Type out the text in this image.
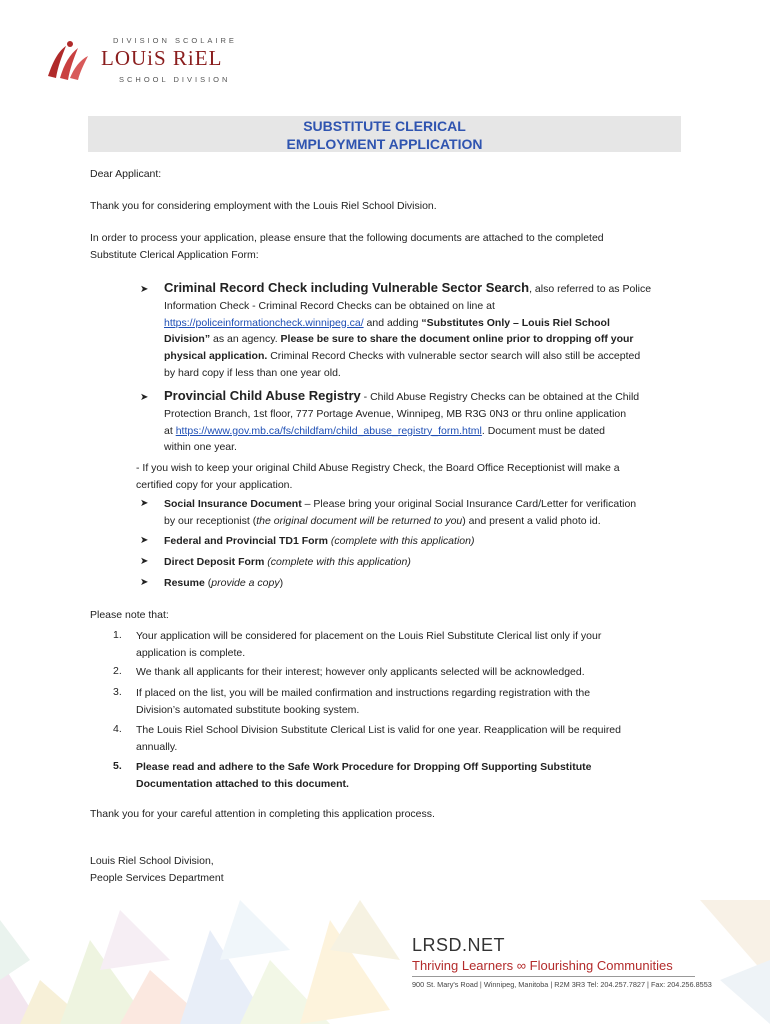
DIVISION SCOLAIRE
LOUiS RiEL
SCHOOL DIVISION
SUBSTITUTE CLERICAL
EMPLOYMENT APPLICATION
Dear Applicant:
Thank you for considering employment with the Louis Riel School Division.
In order to process your application, please ensure that the following documents are attached to the completed
Substitute Clerical Application Form:
➤ Criminal Record Check including Vulnerable Sector Search, also referred to as Police
Information Check - Criminal Record Checks can be obtained on line at
https://policeinformationcheck.winnipeg.ca/ and adding “Substitutes Only – Louis Riel School
Division” as an agency. Please be sure to share the document online prior to dropping off your
physical application. Criminal Record Checks with vulnerable sector search will also still be accepted
by hard copy if less than one year old.
➤ Provincial Child Abuse Registry - Child Abuse Registry Checks can be obtained at the Child
Protection Branch, 1st floor, 777 Portage Avenue, Winnipeg, MB R3G 0N3 or thru online application
at https://www.gov.mb.ca/fs/childfam/child_abuse_registry_form.html. Document must be dated
within one year.
- If you wish to keep your original Child Abuse Registry Check, the Board Office Receptionist will make a
certified copy for your application.
➤ Social Insurance Document – Please bring your original Social Insurance Card/Letter for verification
by our receptionist (the original document will be returned to you) and present a valid photo id.
➤ Federal and Provincial TD1 Form (complete with this application)
➤ Direct Deposit Form (complete with this application)
➤ Resume (provide a copy)
Please note that:
1. Your application will be considered for placement on the Louis Riel Substitute Clerical list only if your
application is complete.
2. We thank all applicants for their interest; however only applicants selected will be acknowledged.
3. If placed on the list, you will be mailed confirmation and instructions regarding registration with the
Division’s automated substitute booking system.
4. The Louis Riel School Division Substitute Clerical List is valid for one year. Reapplication will be required
annually.
5. Please read and adhere to the Safe Work Procedure for Dropping Off Supporting Substitute
Documentation attached to this document.
Thank you for your careful attention in completing this application process.
Louis Riel School Division,
People Services Department
LRSD.NET
Thriving Learners ∞ Flourishing Communities
900 St. Mary's Road | Winnipeg, Manitoba | R2M 3R3 Tel: 204.257.7827 | Fax: 204.256.8553
